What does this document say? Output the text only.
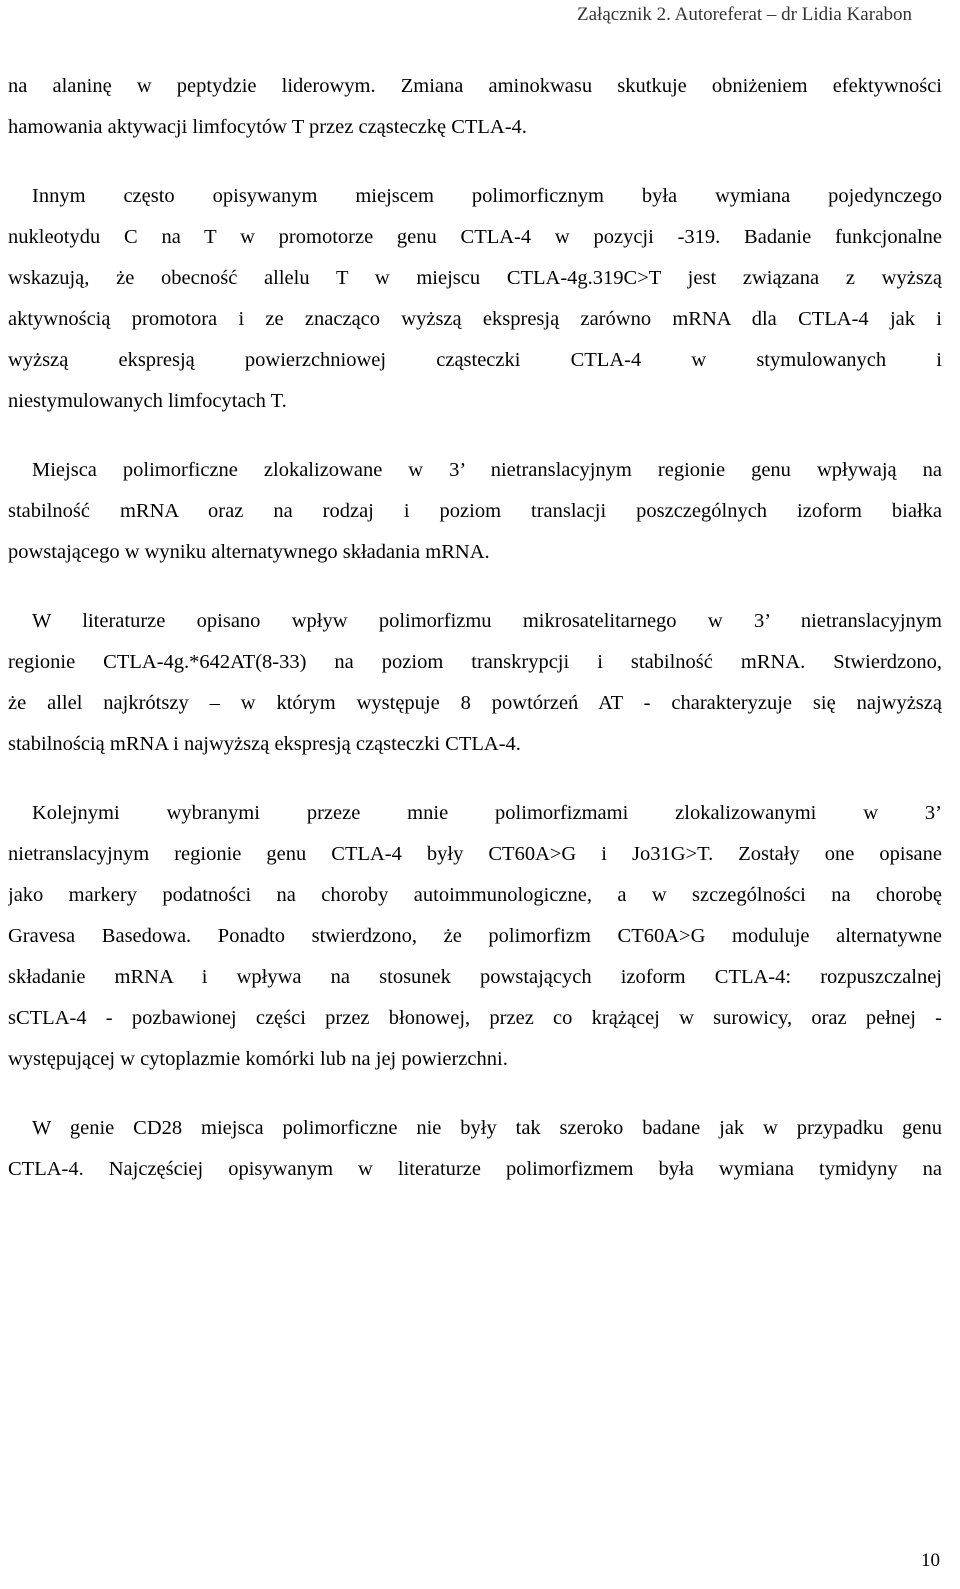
Załącznik 2. Autoreferat – dr Lidia Karabon
na alaninę w peptydzie liderowym. Zmiana aminokwasu skutkuje obniżeniem efektywności
hamowania aktywacji limfocytów T przez cząsteczkę CTLA-4.
Innym często opisywanym miejscem polimorficznym była wymiana pojedynczego
nukleotydu C na T w promotorze genu CTLA-4 w pozycji -319. Badanie funkcjonalne
wskazują, że obecność allelu T w miejscu CTLA-4g.319C>T jest związana z wyższą
aktywnością promotora i ze znacząco wyższą ekspresją zarówno mRNA dla CTLA-4 jak i
wyższą ekspresją powierzchniowej cząsteczki CTLA-4 w stymulowanych i
niestymulowanych limfocytach T.
Miejsca polimorficzne zlokalizowane w 3’ nietranslacyjnym regionie genu wpływają na
stabilność mRNA oraz na rodzaj i poziom translacji poszczególnych izoform białka
powstającego w wyniku alternatywnego składania mRNA.
W literaturze opisano wpływ polimorfizmu mikrosatelitarnego w 3’ nietranslacyjnym
regionie CTLA-4g.*642AT(8-33) na poziom transkrypcji i stabilność mRNA. Stwierdzono,
że allel najkrótszy – w którym występuje 8 powtórzeń AT - charakteryzuje się najwyższą
stabilnością mRNA i najwyższą ekspresją cząsteczki CTLA-4.
Kolejnymi wybranymi przeze mnie polimorfizmami zlokalizowanymi w 3’
nietranslacyjnym regionie genu CTLA-4 były CT60A>G i Jo31G>T. Zostały one opisane
jako markery podatności na choroby autoimmunologiczne, a w szczególności na chorobę
Gravesa Basedowa. Ponadto stwierdzono, że polimorfizm CT60A>G moduluje alternatywne
składanie mRNA i wpływa na stosunek powstających izoform CTLA-4: rozpuszczalnej
sCTLA-4 - pozbawionej części przez błonowej, przez co krążącej w surowicy, oraz pełnej -
występującej w cytoplazmie komórki lub na jej powierzchni.
W genie CD28 miejsca polimorficzne nie były tak szeroko badane jak w przypadku genu
CTLA-4. Najczęściej opisywanym w literaturze polimorfizmem była wymiana tymidyny na
10
